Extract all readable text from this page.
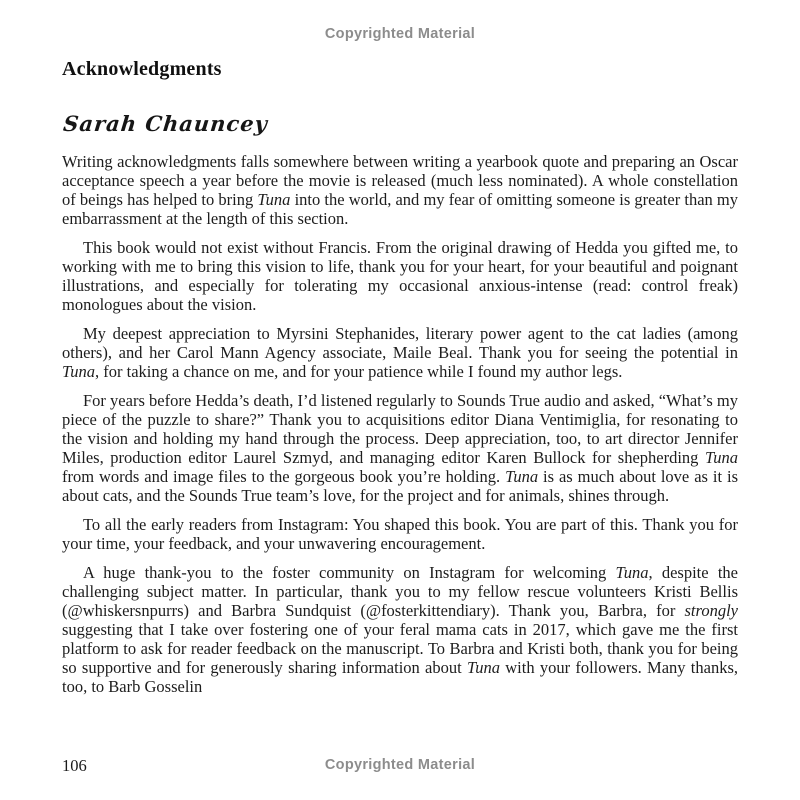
Copyrighted Material
Acknowledgments
Sarah Chauncey

Writing acknowledgments falls somewhere between writing a yearbook quote and preparing an Oscar acceptance speech a year before the movie is released (much less nominated). A whole constellation of beings has helped to bring Tuna into the world, and my fear of omitting someone is greater than my embarrassment at the length of this section.

This book would not exist without Francis. From the original drawing of Hedda you gifted me, to working with me to bring this vision to life, thank you for your heart, for your beautiful and poignant illustrations, and especially for tolerating my occasional anxious-intense (read: control freak) monologues about the vision.

My deepest appreciation to Myrsini Stephanides, literary power agent to the cat ladies (among others), and her Carol Mann Agency associate, Maile Beal. Thank you for seeing the potential in Tuna, for taking a chance on me, and for your patience while I found my author legs.

For years before Hedda’s death, I’d listened regularly to Sounds True audio and asked, “What’s my piece of the puzzle to share?” Thank you to acquisitions editor Diana Ventimiglia, for resonating to the vision and holding my hand through the process. Deep appreciation, too, to art director Jennifer Miles, production editor Laurel Szmyd, and managing editor Karen Bullock for shepherding Tuna from words and image files to the gorgeous book you’re holding. Tuna is as much about love as it is about cats, and the Sounds True team’s love, for the project and for animals, shines through.

To all the early readers from Instagram: You shaped this book. You are part of this. Thank you for your time, your feedback, and your unwavering encouragement.

A huge thank-you to the foster community on Instagram for welcoming Tuna, despite the challenging subject matter. In particular, thank you to my fellow rescue volunteers Kristi Bellis (@whiskersnpurrs) and Barbra Sundquist (@fosterkittendiary). Thank you, Barbra, for strongly suggesting that I take over fostering one of your feral mama cats in 2017, which gave me the first platform to ask for reader feedback on the manuscript. To Barbra and Kristi both, thank you for being so supportive and for generously sharing information about Tuna with your followers. Many thanks, too, to Barb Gosselin

106	Copyrighted Material
